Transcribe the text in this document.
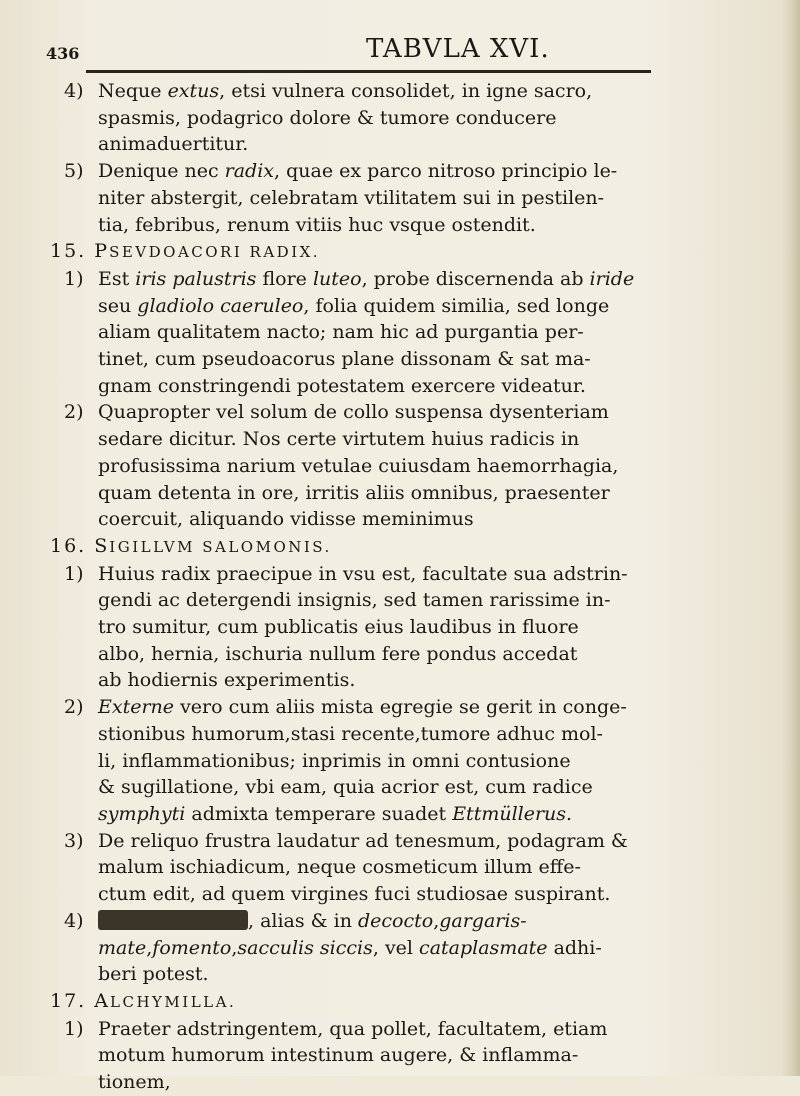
436	TABVLA XVI.
4) Neque extus, etsi vulnera consolidet, in igne sacro,
spasmis, podagrico dolore & tumore conducere
animaduertitur.
5) Denique nec radix, quae ex parco nitroso principio le-
niter abstergit, celebratam vtilitatem sui in pestilen-
tia, febribus, renum vitiis huc vsque ostendit.
15. PSEVDOACORI RADIX.
1) Est iris palustris flore luteo, probe discernenda ab iride
seu gladiolo caeruleo, folia quidem similia, sed longe
aliam qualitatem nacto; nam hic ad purgantia per-
tinet, cum pseudoacorus plane dissonam & sat ma-
gnam constringendi potestatem exercere videatur.
2) Quapropter vel solum de collo suspensa dysenteriam
sedare dicitur. Nos certe virtutem huius radicis in
profusissima narium vetulae cuiusdam haemorrhagia,
quam detenta in ore, irritis aliis omnibus, praesenter
coercuit, aliquando vidisse meminimus
16. SIGILLVM SALOMONIS.
1) Huius radix praecipue in vsu est, facultate sua adstrin-
gendi ac detergendi insignis, sed tamen rarissime in-
tro sumitur, cum publicatis eius laudibus in fluore
albo, hernia, ischuria nullum fere pondus accedat
ab hodiernis experimentis.
2) Externe vero cum aliis mista egregie se gerit in conge-
stionibus humorum,stasi recente,tumore adhuc mol-
li, inflammationibus; inprimis in omni contusione
& sugillatione, vbi eam, quia acrior est, cum radice
symphyti admixta temperare suadet Ettmüllerus.
3) De reliquo frustra laudatur ad tenesmum, podagram &
malum ischiadicum, neque cosmeticum illum effe-
ctum edit, ad quem virgines fuci studiosae suspirant.
4)	, alias & in decocto,gargaris-
mate,fomento,sacculis siccis, vel cataplasmate adhi-
beri potest.
17. ALCHYMILLA.
1) Praeter adstringentem, qua pollet, facultatem, etiam
motum humorum intestinum augere, & inflamma-
tionem,
